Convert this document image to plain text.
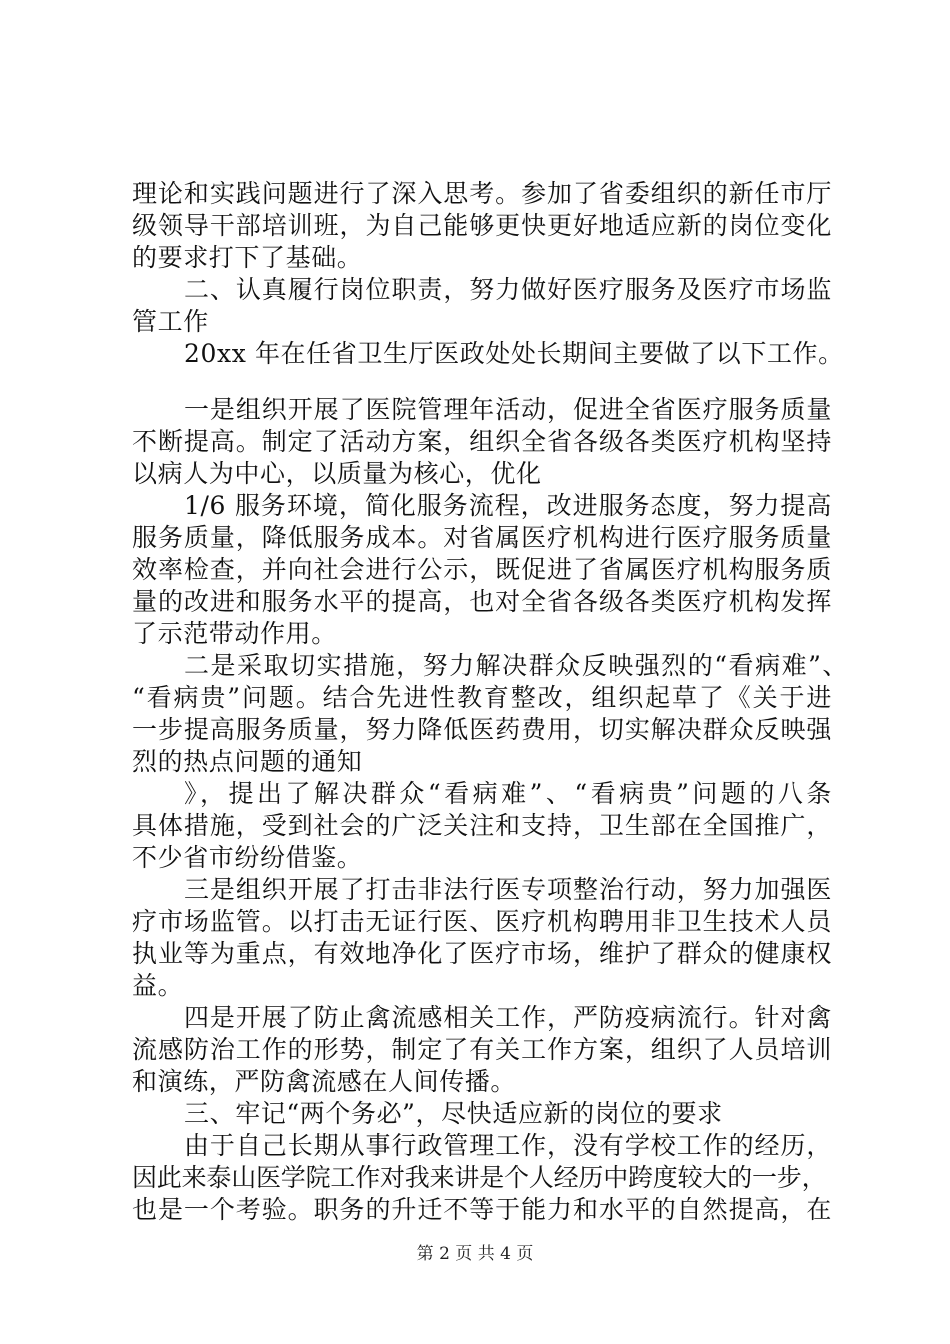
理论和实践问题进行了深入思考。参加了省委组织的新任市厅
级领导干部培训班，为自己能够更快更好地适应新的岗位变化
的要求打下了基础。
二、认真履行岗位职责，努力做好医疗服务及医疗市场监
管工作
20xx 年在任省卫生厅医政处处长期间主要做了以下工作。
一是组织开展了医院管理年活动，促进全省医疗服务质量
不断提高。制定了活动方案，组织全省各级各类医疗机构坚持
以病人为中心，以质量为核心，优化
1/6 服务环境，简化服务流程，改进服务态度，努力提高
服务质量，降低服务成本。对省属医疗机构进行医疗服务质量
效率检查，并向社会进行公示，既促进了省属医疗机构服务质
量的改进和服务水平的提高，也对全省各级各类医疗机构发挥
了示范带动作用。
二是采取切实措施，努力解决群众反映强烈的“看病难”、
“看病贵”问题。结合先进性教育整改，组织起草了《关于进
一步提高服务质量，努力降低医药费用，切实解决群众反映强
烈的热点问题的通知
》，提出了解决群众“看病难”、“看病贵”问题的八条
具体措施，受到社会的广泛关注和支持，卫生部在全国推广，
不少省市纷纷借鉴。
三是组织开展了打击非法行医专项整治行动，努力加强医
疗市场监管。以打击无证行医、医疗机构聘用非卫生技术人员
执业等为重点，有效地净化了医疗市场，维护了群众的健康权
益。
四是开展了防止禽流感相关工作，严防疫病流行。针对禽
流感防治工作的形势，制定了有关工作方案，组织了人员培训
和演练，严防禽流感在人间传播。
三、牢记“两个务必”，尽快适应新的岗位的要求
由于自己长期从事行政管理工作，没有学校工作的经历，
因此来泰山医学院工作对我来讲是个人经历中跨度较大的一步，
也是一个考验。职务的升迁不等于能力和水平的自然提高，在
第 2 页 共 4 页
